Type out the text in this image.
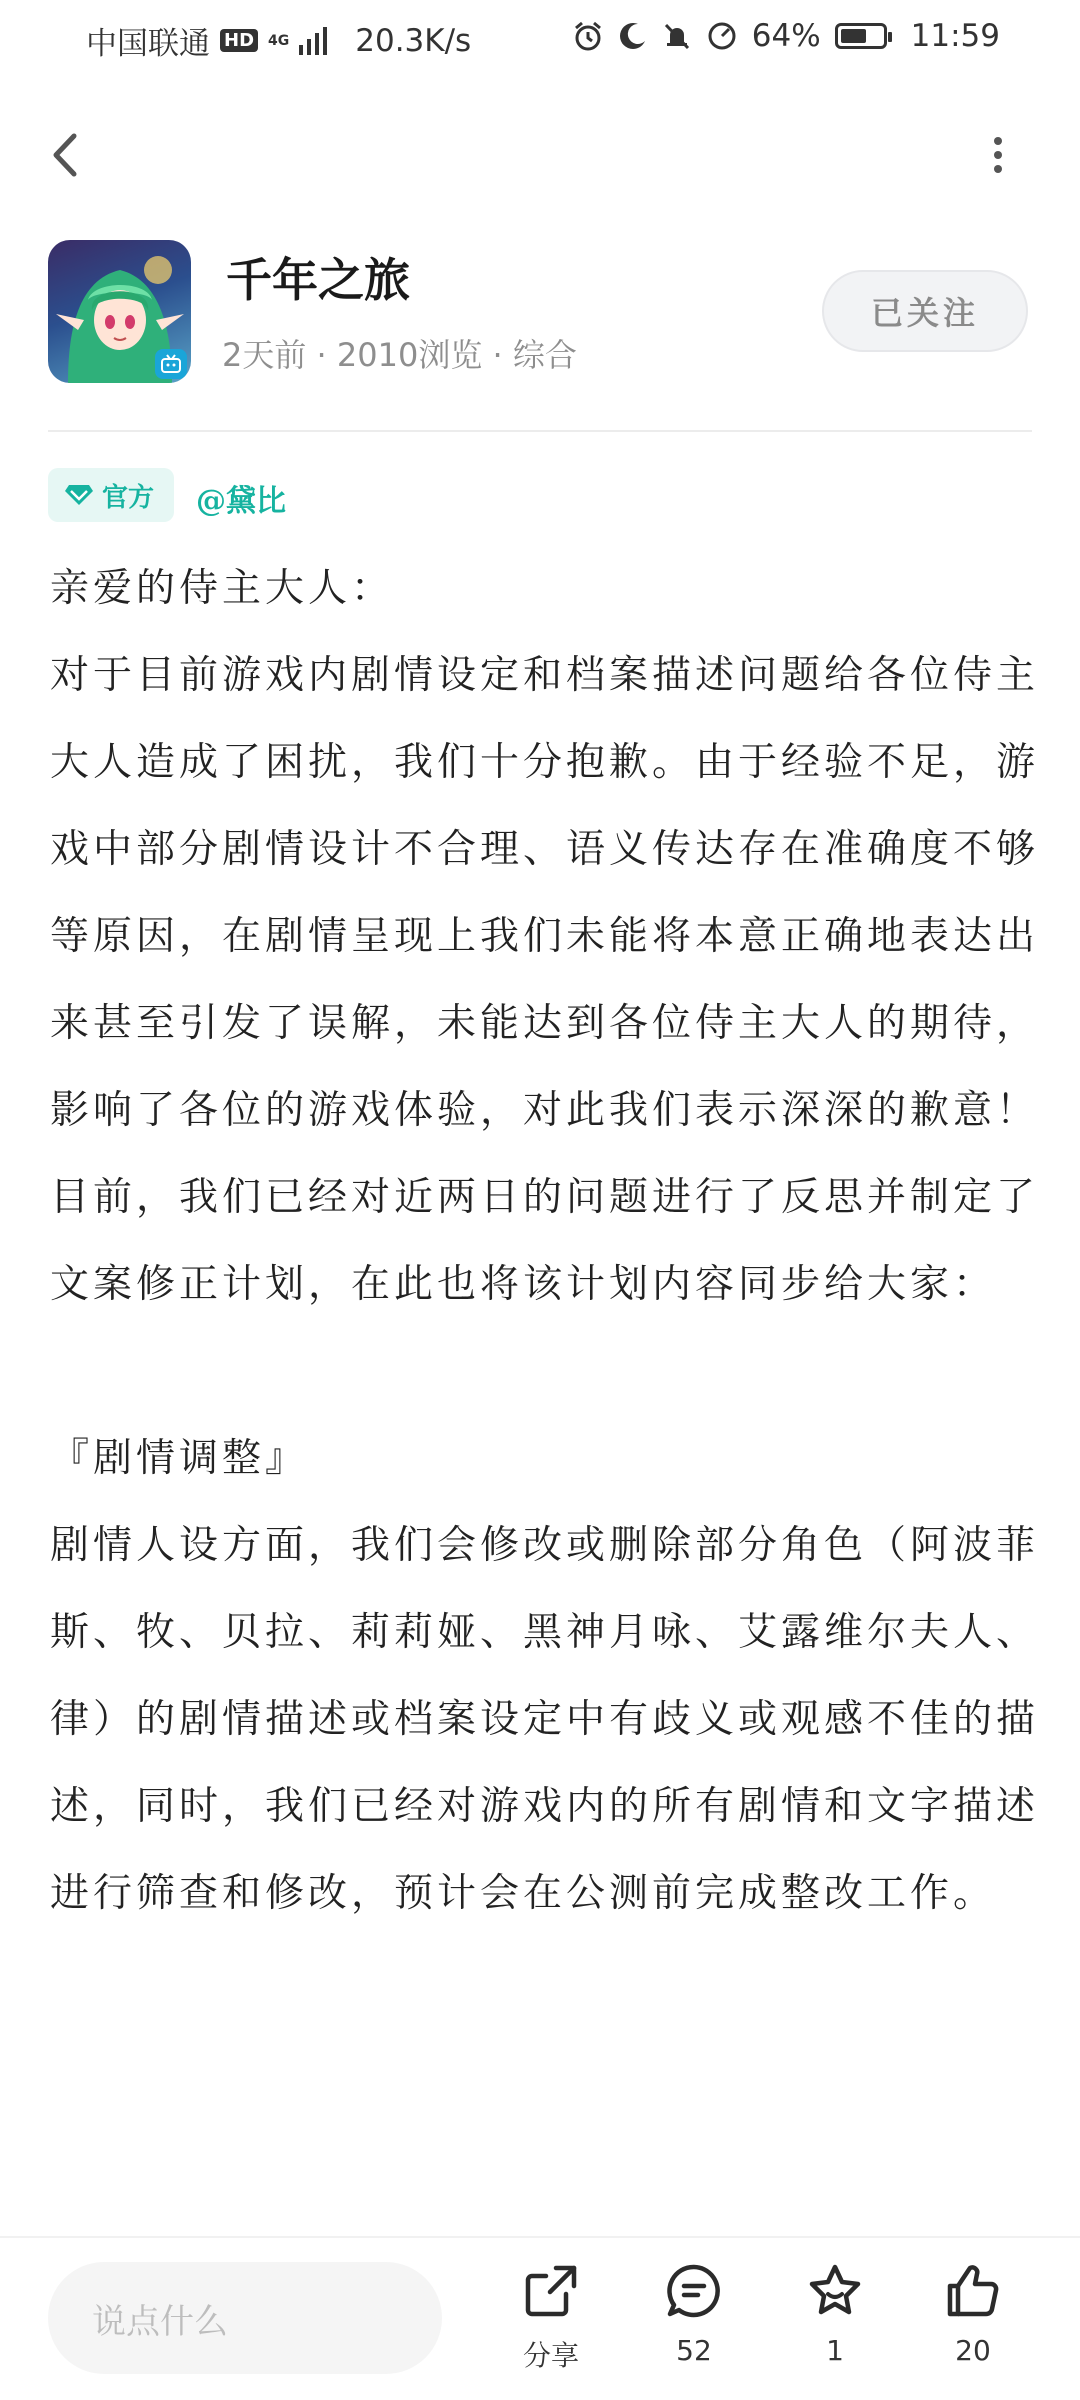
中国联通 HD 4G 20.3K/s	64%	11:59
千年之旅
2天前 · 2010浏览 · 综合
已关注
官方 @黛比

亲爱的侍主大人：

对于目前游戏内剧情设定和档案描述问题给各位侍主大人造成了困扰，我们十分抱歉。由于经验不足，游戏中部分剧情设计不合理、语义传达存在准确度不够等原因，在剧情呈现上我们未能将本意正确地表达出来甚至引发了误解，未能达到各位侍主大人的期待，影响了各位的游戏体验，对此我们表示深深的歉意！

目前，我们已经对近两日的问题进行了反思并制定了文案修正计划，在此也将该计划内容同步给大家：

『剧情调整』

剧情人设方面，我们会修改或删除部分角色（阿波菲斯、牧、贝拉、莉莉娅、黑神月咏、艾露维尔夫人、律）的剧情描述或档案设定中有歧义或观感不佳的描述，同时，我们已经对游戏内的所有剧情和文字描述进行筛查和修改，预计会在公测前完成整改工作。

说点什么
分享	52	1	20
